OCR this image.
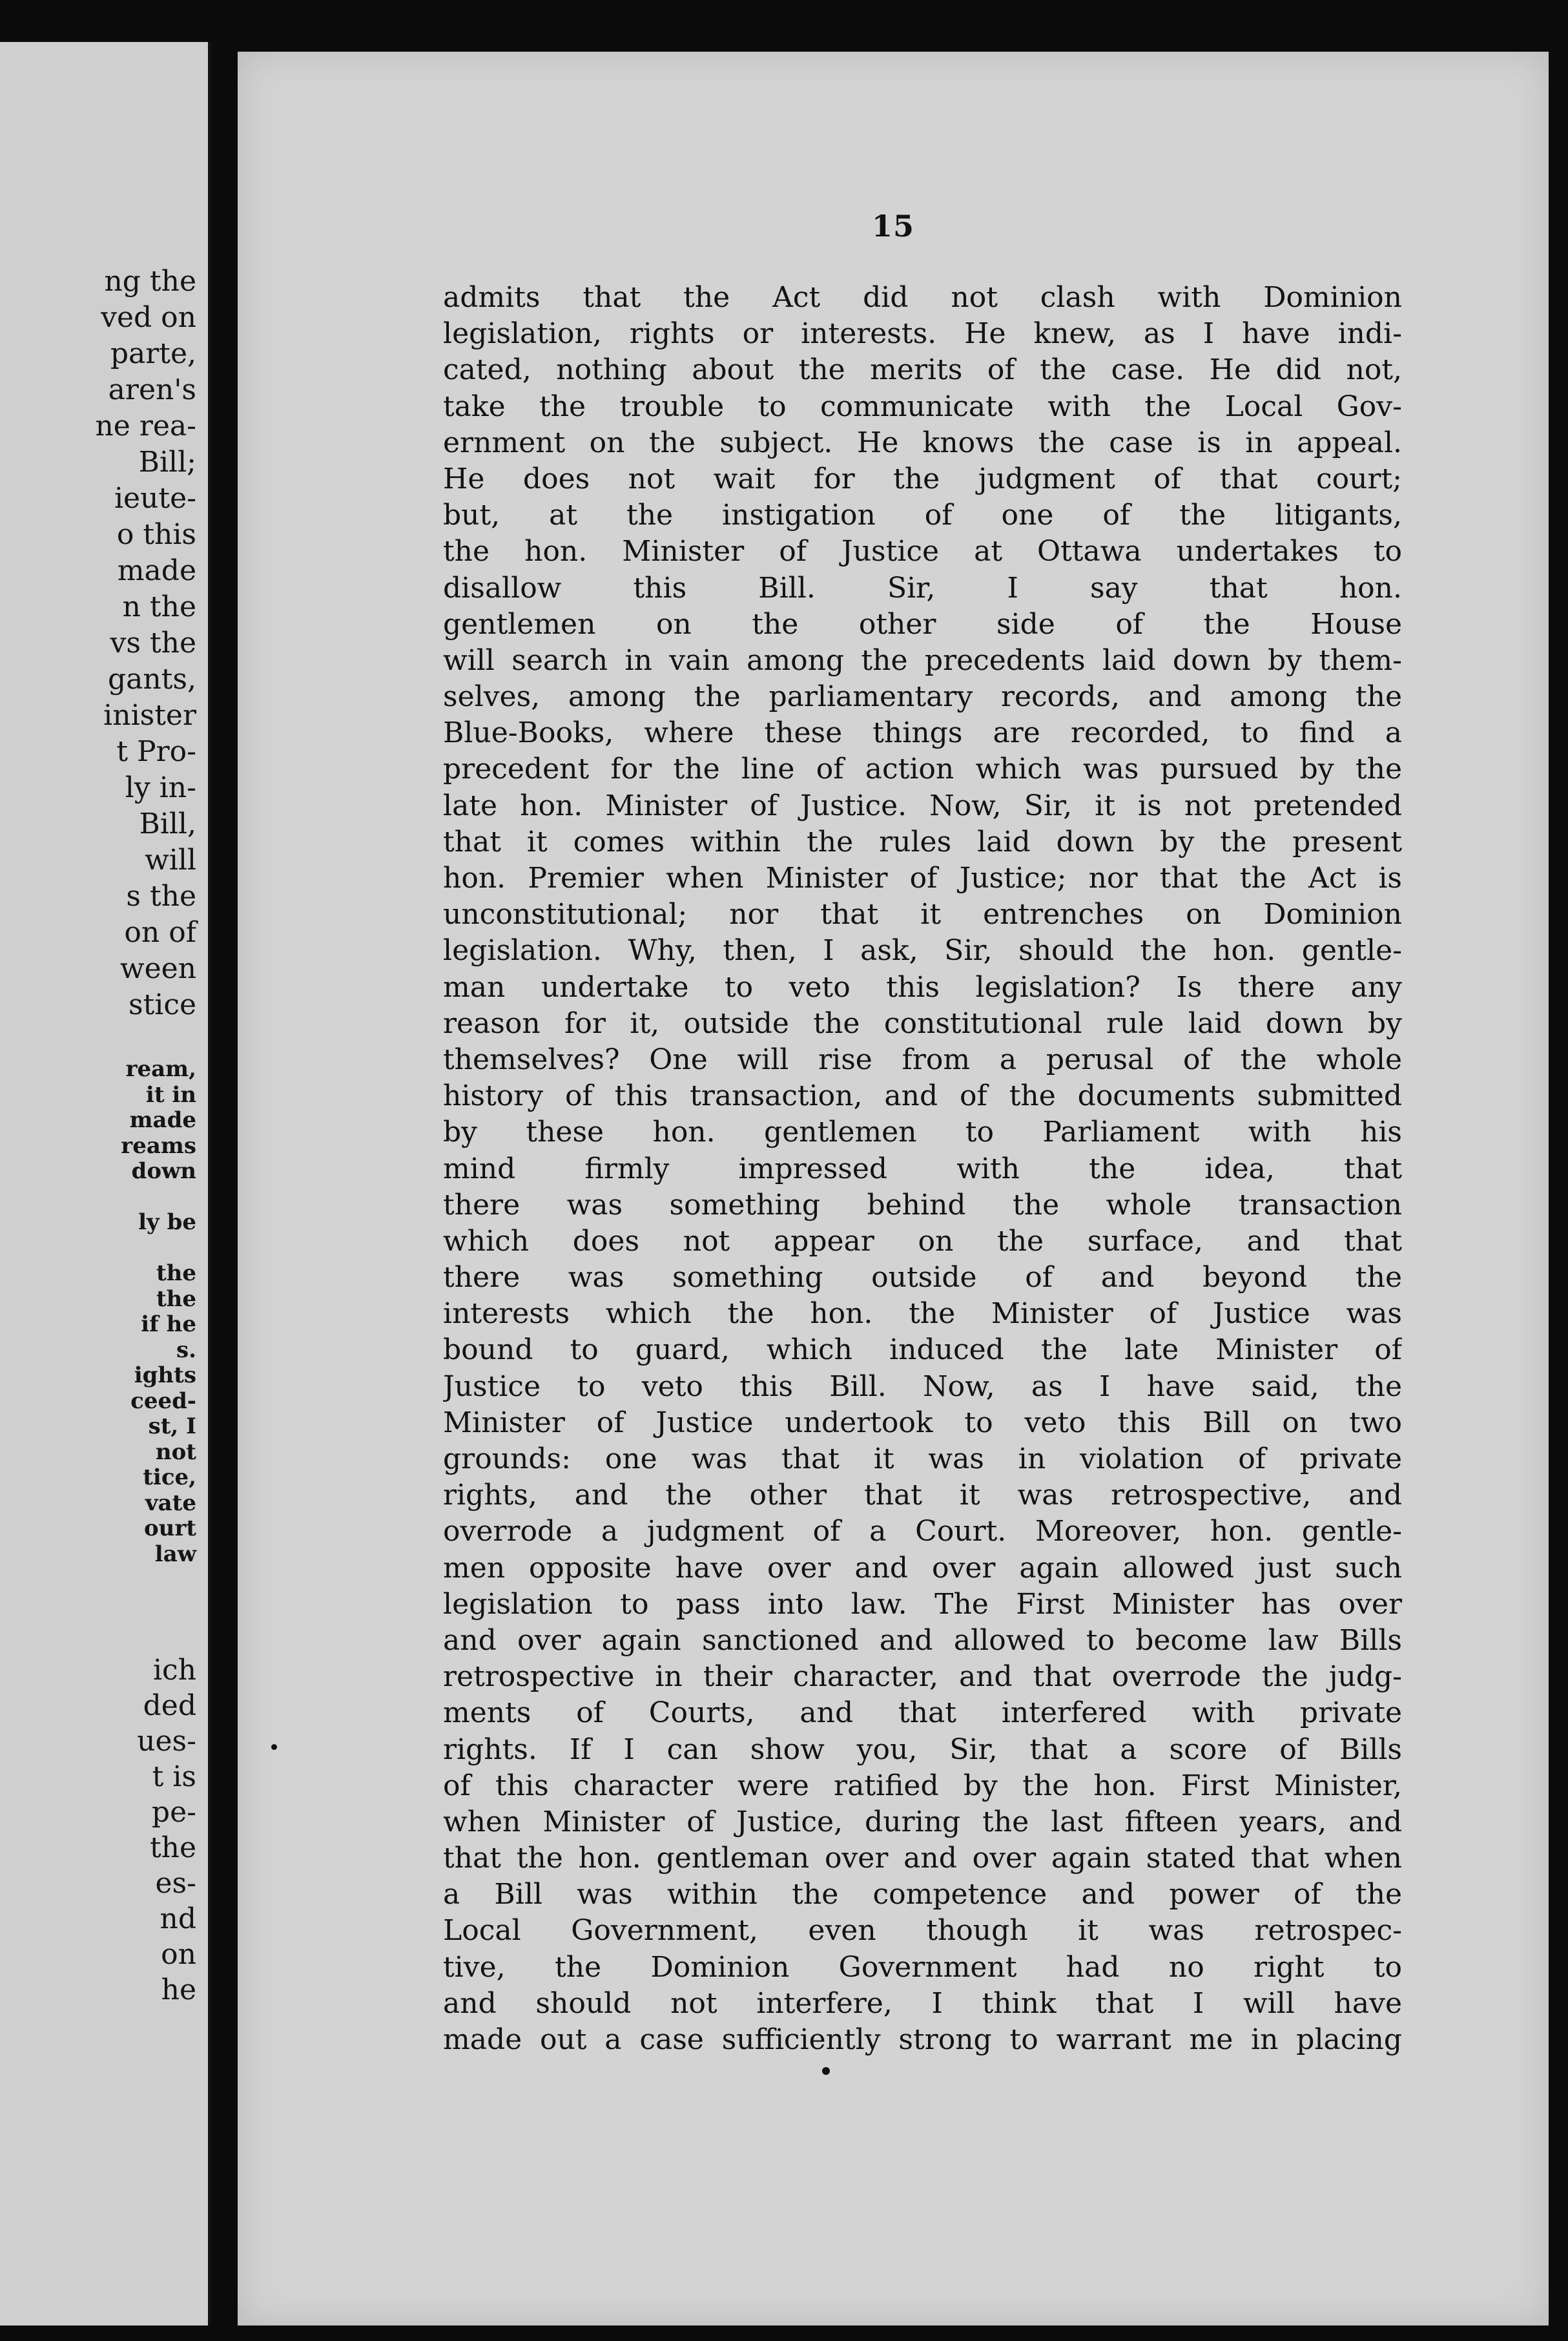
ng the
ved on
parte,
aren's
ne rea-
Bill;
ieute-
o this
made
n the
vs the
gants,
inister
t Pro-
ly in-
Bill,
will
s the
on of
ween
stice
ream,
it in
made
reams
down
ly be
the
the
if he
s.
ights
ceed-
st, I
not
tice,
vate
ourt
law
ich
ded
ues-
t is
pe-
the
es-
nd
on
he
15
admits that the Act did not clash with Dominion
legislation, rights or interests. He knew, as I have indi-
cated, nothing about the merits of the case. He did not,
take the trouble to communicate with the Local Gov-
ernment on the subject. He knows the case is in appeal.
He does not wait for the judgment of that court;
but, at the instigation of one of the litigants,
the hon. Minister of Justice at Ottawa undertakes to
disallow this Bill. Sir, I say that hon.
gentlemen on the other side of the House
will search in vain among the precedents laid down by them-
selves, among the parliamentary records, and among the
Blue-Books, where these things are recorded, to find a
precedent for the line of action which was pursued by the
late hon. Minister of Justice. Now, Sir, it is not pretended
that it comes within the rules laid down by the present
hon. Premier when Minister of Justice; nor that the Act is
unconstitutional; nor that it entrenches on Dominion
legislation. Why, then, I ask, Sir, should the hon. gentle-
man undertake to veto this legislation? Is there any
reason for it, outside the constitutional rule laid down by
themselves? One will rise from a perusal of the whole
history of this transaction, and of the documents submitted
by these hon. gentlemen to Parliament with his
mind firmly impressed with the idea, that
there was something behind the whole transaction
which does not appear on the surface, and that
there was something outside of and beyond the
interests which the hon. the Minister of Justice was
bound to guard, which induced the late Minister of
Justice to veto this Bill. Now, as I have said, the
Minister of Justice undertook to veto this Bill on two
grounds: one was that it was in violation of private
rights, and the other that it was retrospective, and
overrode a judgment of a Court. Moreover, hon. gentle-
men opposite have over and over again allowed just such
legislation to pass into law. The First Minister has over
and over again sanctioned and allowed to become law Bills
retrospective in their character, and that overrode the judg-
ments of Courts, and that interfered with private
rights. If I can show you, Sir, that a score of Bills
of this character were ratified by the hon. First Minister,
when Minister of Justice, during the last fifteen years, and
that the hon. gentleman over and over again stated that when
a Bill was within the competence and power of the
Local Government, even though it was retrospec-
tive, the Dominion Government had no right to
and should not interfere, I think that I will have
made out a case sufficiently strong to warrant me in placing
